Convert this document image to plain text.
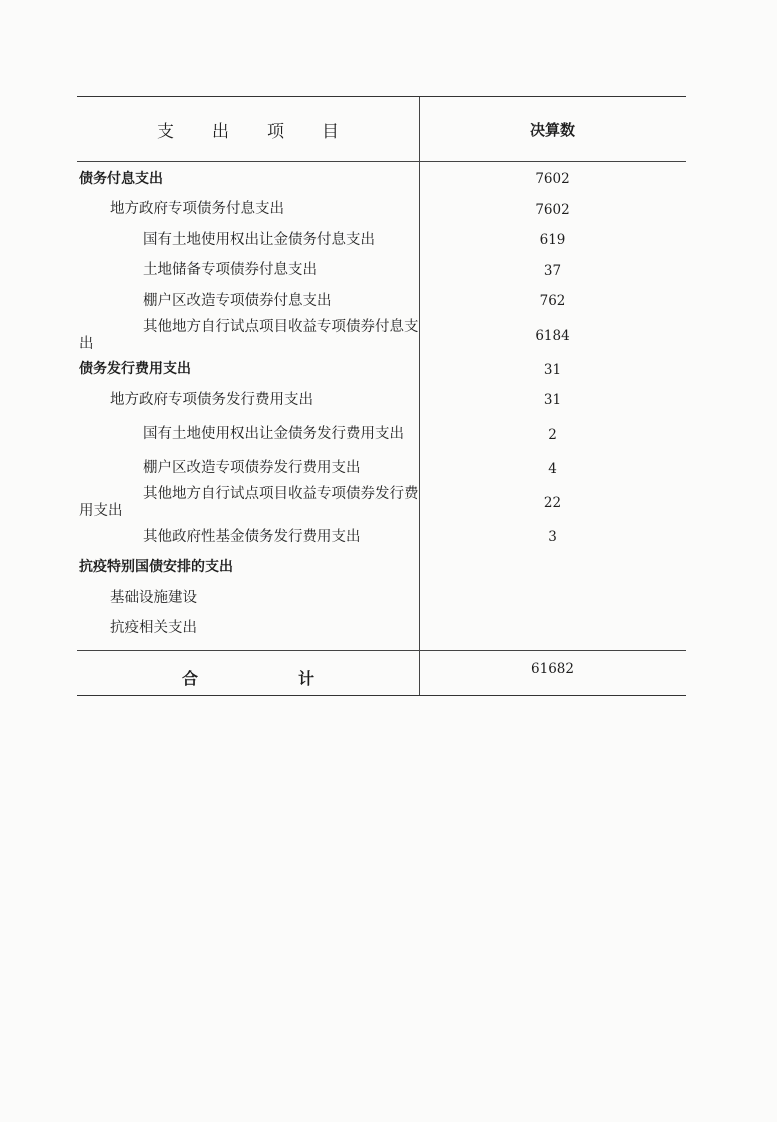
支出项目	决算数
债务付息支出	7602
地方政府专项债务付息支出	7602
国有土地使用权出让金债务付息支出	619
土地储备专项债券付息支出	37
棚户区改造专项债券付息支出	762
其他地方自行试点项目收益专项债券付息支出	6184
债务发行费用支出	31
地方政府专项债务发行费用支出	31
国有土地使用权出让金债务发行费用支出	2
棚户区改造专项债券发行费用支出	4
其他地方自行试点项目收益专项债券发行费用支出	22
其他政府性基金债务发行费用支出	3
抗疫特别国债安排的支出
基础设施建设
抗疫相关支出
合计	61682
